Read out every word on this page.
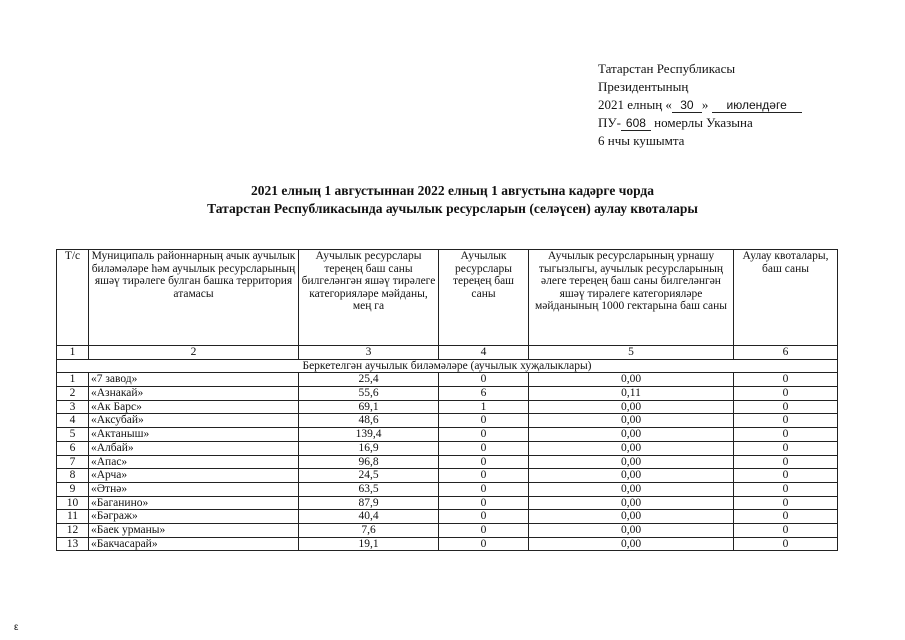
Татарстан Республикасы
Президентының
2021 елның « 30 » июлендәге
ПУ- 608 номерлы Указына
6 нчы кушымта
2021 елның 1 августыннан 2022 елның 1 августына кадәрге чорда
Татарстан Республикасында аучылык ресурсларын (селәүсен) аулау квоталары
Т/с	Муниципаль районнарның ачык аучылык биләмәләре һәм аучылык ресурсларының яшәү тирәлеге булган башка территория атамасы	Аучылык ресурслары тереңең баш саны билгеләнгән яшәү тирәлеге категорияләре мәйданы, мең га	Аучылык ресурслары тереңең баш саны	Аучылык ресурсларының урнашу тыгызлыгы, аучылык ресурсларының әлеге тереңең баш саны билгеләнгән яшәү тирәлеге категорияләре мәйданының 1000 гектарына баш саны	Аулау квоталары, баш саны
1	2	3	4	5	6
Беркетелгән аучылык биләмәләре (аучылык хуҗалыклары)					
1	«7 завод»	25,4	0	0,00	0
2	«Азнакай»	55,6	6	0,11	0
3	«Ак Барс»	69,1	1	0,00	0
4	«Аксубай»	48,6	0	0,00	0
5	«Актаныш»	139,4	0	0,00	0
6	«Албай»	16,9	0	0,00	0
7	«Апас»	96,8	0	0,00	0
8	«Арча»	24,5	0	0,00	0
9	«Әтнә»	63,5	0	0,00	0
10	«Баганино»	87,9	0	0,00	0
11	«Бәграж»	40,4	0	0,00	0
12	«Баек урманы»	7,6	0	0,00	0
13	«Бакчасарай»	19,1	0	0,00	0
ε
